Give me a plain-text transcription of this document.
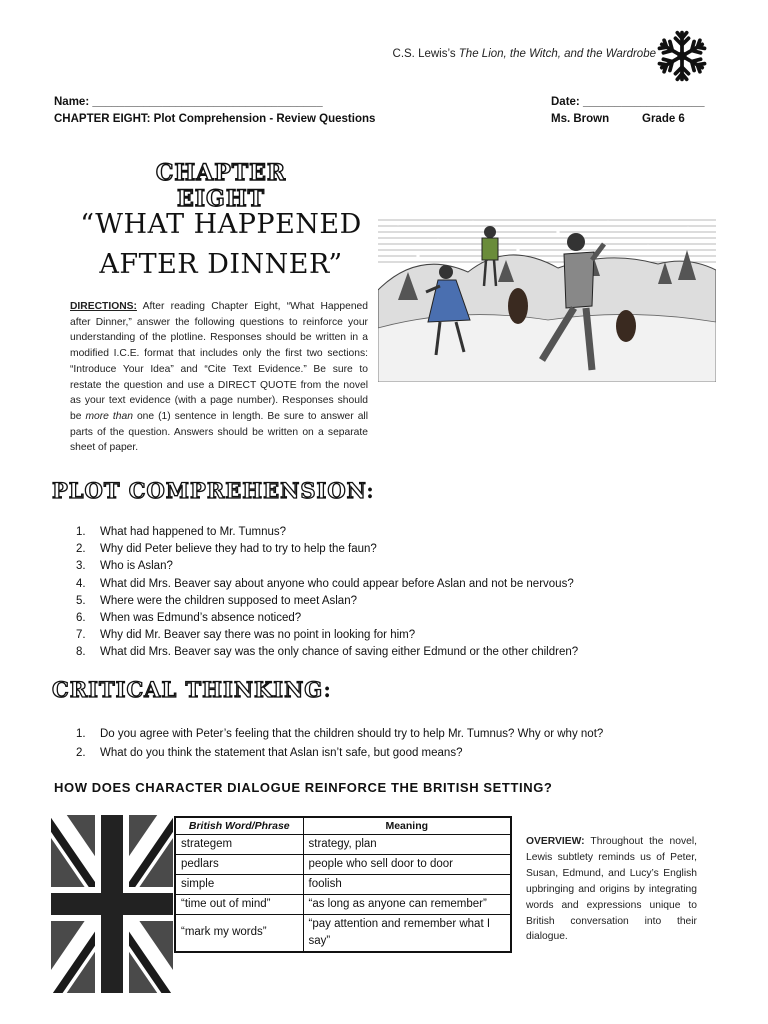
C.S. Lewis’s The Lion, the Witch, and the Wardrobe
Name: ____________________________________	Date: ___________________
CHAPTER EIGHT: Plot Comprehension - Review Questions	Ms. Brown	Grade 6
CHAPTER EIGHT
“WHAT HAPPENED
AFTER DINNER”
DIRECTIONS: After reading Chapter Eight, “What Happened after Dinner,” answer the following questions to reinforce your understanding of the plotline. Responses should be written in a modified I.C.E. format that includes only the first two sections: “Introduce Your Idea” and “Cite Text Evidence.” Be sure to restate the question and use a DIRECT QUOTE from the novel as your text evidence (with a page number). Responses should be more than one (1) sentence in length. Be sure to answer all parts of the question. Answers should be written on a separate sheet of paper.
PLOT COMPREHENSION:
1.	What had happened to Mr. Tumnus?
2.	Why did Peter believe they had to try to help the faun?
3.	Who is Aslan?
4.	What did Mrs. Beaver say about anyone who could appear before Aslan and not be nervous?
5.	Where were the children supposed to meet Aslan?
6.	When was Edmund’s absence noticed?
7.	Why did Mr. Beaver say there was no point in looking for him?
8.	What did Mrs. Beaver say was the only chance of saving either Edmund or the other children?
CRITICAL THINKING:
1.	Do you agree with Peter’s feeling that the children should try to help Mr. Tumnus? Why or why not?
2.	What do you think the statement that Aslan isn’t safe, but good means?
HOW DOES CHARACTER DIALOGUE REINFORCE THE BRITISH SETTING?
British Word/Phrase	Meaning
strategem	strategy, plan
pedlars	people who sell door to door
simple	foolish
“time out of mind”	“as long as anyone can remember”
“mark my words”	“pay attention and remember what I say”
OVERVIEW: Throughout the novel, Lewis subtlety reminds us of Peter, Susan, Edmund, and Lucy’s English upbringing and origins by integrating words and expressions unique to British conversation into their dialogue.
